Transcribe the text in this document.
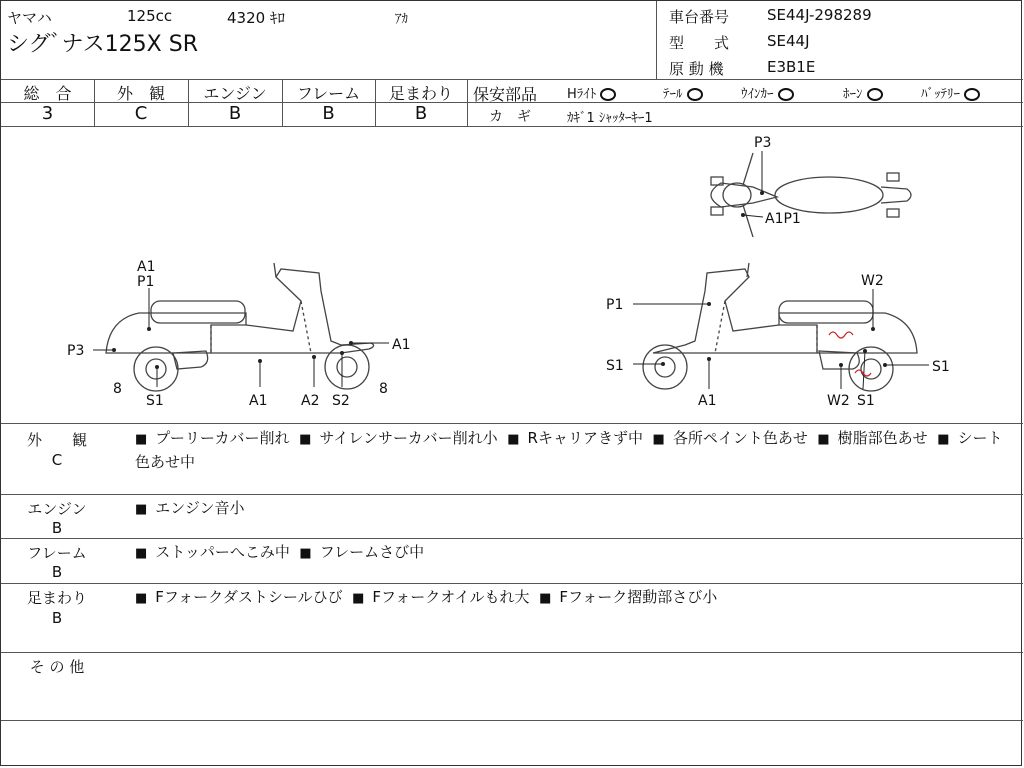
ヤマハ	125cc	4320 ｷﾛ	ｱｶ
シグﾞナス125X SR
車台番号	SE44J-298289
型　　式	SE44J
原 動 機	E3B1E
総　合	外　観	エンジン	フレーム	足まわり
3	C	B	B	B
保安部品 Hﾗｲﾄ	ﾃｰﾙ	ｳｲﾝｶｰ	ﾎｰﾝ	ﾊﾞｯﾃﾘｰ
カ　ギ	ｶｷﾞ1 ｼｬｯﾀｰｷｰ1
A1
P1
P3
8
S1	A1 A2 S2
8
A1
P3
A1P1
P1
S1
A1
W2
S1
W2 S1
外　　観
C
■ プーリーカバー削れ ■ サイレンサーカバー削れ小 ■ Rキャリアきず中 ■ 各所ペイント色あせ ■ 樹脂部色あせ ■ シート色あせ中
エンジン
B
■ エンジン音小
フレーム
B
■ ストッパーへこみ中 ■ フレームさび中
足まわり
B
■ Fフォークダストシールひび ■ Fフォークオイルもれ大 ■ Fフォーク摺動部さび小
そ の 他
